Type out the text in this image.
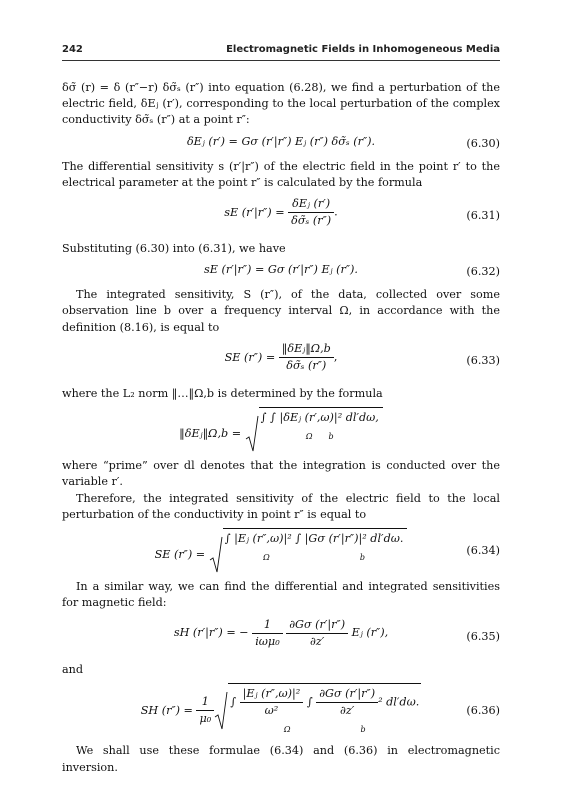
242	Electromagnetic Fields in Inhomogeneous Media

δσ̃ (r) = δ (r″−r) δσ̃ₛ (r″) into equation (6.28), we find a perturbation of the electric field, δEⱼ (r′), corresponding to the local perturbation of the complex conductivity δσ̃ₛ (r″) at a point r″:

δEⱼ (r′) = Gσ (r′|r″) Eⱼ (r″) δσ̃ₛ (r″).	(6.30)

The differential sensitivity s (r′|r″) of the electric field in the point r′ to the electrical parameter at the point r″ is calculated by the formula

sE $(r'|r'') = \frac{\text{δEⱼ (r′)}}{\text{δσ̃ₛ (r″)}}$ .	(6.31)

Substituting (6.30) into (6.31), we have

sE (r′|r″) = Gσ (r′|r″) Eⱼ (r″).	(6.32)

The integrated sensitivity, S (r″), of the data, collected over some observation line b over a frequency interval Ω, in accordance with the definition (8.16), is equal to

SE $(r'') = \frac{\text{‖δEⱼ‖Ω,b}}{\text{δσ̃ₛ (r″)}}$ ,	(6.33)

where the L₂ norm ‖…‖Ω,b is determined by the formula

‖δEⱼ‖Ω,b = ∫ ∫ |δEⱼ (r′,ω)|² dl′dω,
$_\Omega$ $_b$

where “prime” over dl denotes that the integration is conducted over the variable r′.

Therefore, the integrated sensitivity of the electric field to the local perturbation of the conductivity in point r″ is equal to

SE (r″) = ∫ |Eⱼ (r″,ω)|² ∫ |Gσ (r′|r″)|² dl′dω.
$_\Omega$	$_b$
(6.34)

In a similar way, we can find the differential and integrated sensitivities for magnetic field:

sH (r′|r″) = − $\frac{1}{\text{iωμ₀}}$
$\frac{\partial G\sigma (r'|r'')}{\partial z'}$ Eⱼ (r″),	(6.35)

and

SH $(r'') = \frac{1}{\text{μ₀}}$ ∫ $\frac{\text{|Eⱼ (r″,ω)|²}}{\text{ω²}}$ ∫ $\frac{\partial G\sigma (r'|r'')}{\partial z'} ^2$ dl′dω.
$_\Omega$	$_b$
(6.36)

We shall use these formulae (6.34) and (6.36) in electromagnetic inversion.
